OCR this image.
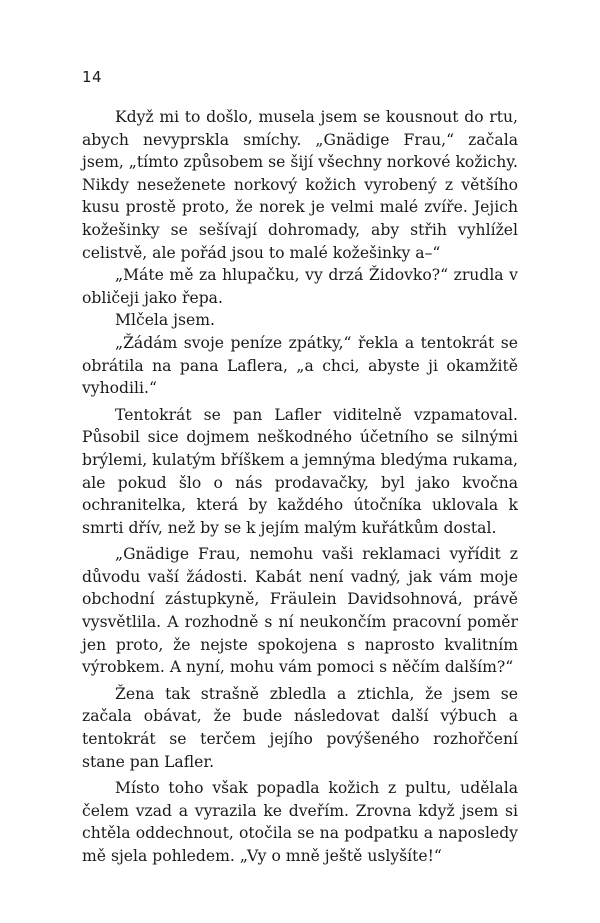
14

Když mi to došlo, musela jsem se kousnout do rtu, abych nevyprskla smíchy. „Gnädige Frau,“ začala jsem, „tímto způsobem se šijí všechny norkové kožichy. Nikdy neseženete norkový kožich vyrobený z většího kusu prostě proto, že norek je velmi malé zvíře. Jejich kožešinky se sešívají dohromady, aby střih vyhlížel celistvě, ale pořád jsou to malé kožešinky a–“

„Máte mě za hlupačku, vy drzá Židovko?“ zrudla v obličeji jako řepa.

Mlčela jsem.

„Žádám svoje peníze zpátky,“ řekla a tentokrát se obrátila na pana Laflera, „a chci, abyste ji okamžitě vyhodili.“

Tentokrát se pan Lafler viditelně vzpamatoval. Působil sice dojmem neškodného účetního se silnými brýlemi, kulatým bříškem a jemnýma bledýma rukama, ale pokud šlo o nás prodavačky, byl jako kvočna ochranitelka, která by každého útočníka uklovala k smrti dřív, než by se k jejím malým kuřátkům dostal.

„Gnädige Frau, nemohu vaši reklamaci vyřídit z důvodu vaší žádosti. Kabát není vadný, jak vám moje obchodní zástupkyně, Fräulein Davidsohnová, právě vysvětlila. A rozhodně s ní neukončím pracovní poměr jen proto, že nejste spokojena s naprosto kvalitním výrobkem. A nyní, mohu vám pomoci s něčím dalším?“

Žena tak strašně zbledla a ztichla, že jsem se začala obávat, že bude následovat další výbuch a tentokrát se terčem jejího povýšeného rozhořčení stane pan Lafler.

Místo toho však popadla kožich z pultu, udělala čelem vzad a vyrazila ke dveřím. Zrovna když jsem si chtěla oddechnout, otočila se na podpatku a naposledy mě sjela pohledem. „Vy o mně ještě uslyšíte!“
